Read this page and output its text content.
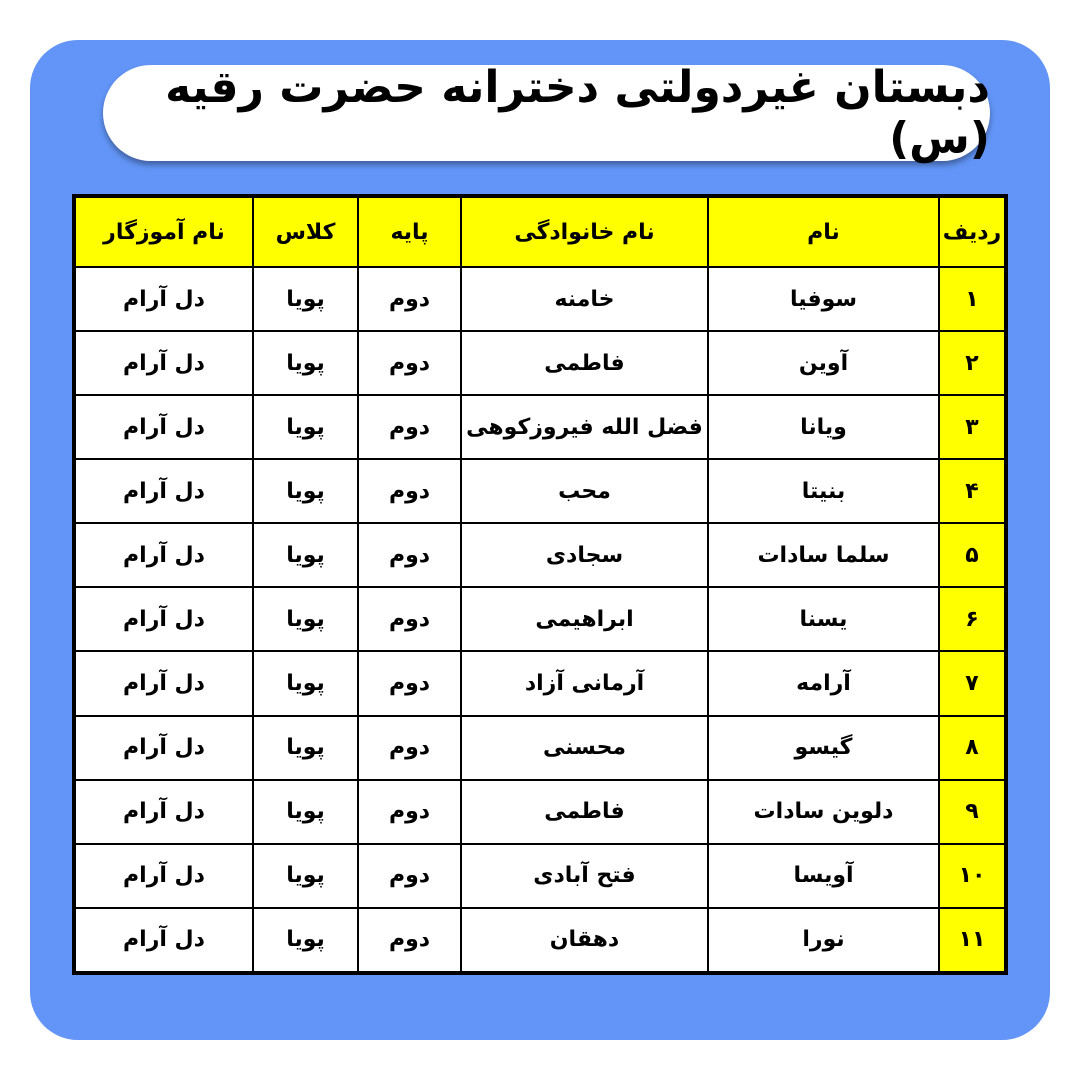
دبستان غیردولتی دخترانه حضرت رقیه (س)
ردیف	نام	نام خانوادگی	پایه	کلاس	نام آموزگار
۱	سوفیا	خامنه	دوم	پویا	دل آرام
۲	آوین	فاطمی	دوم	پویا	دل آرام
۳	ویانا	فضل الله فیروزکوهی	دوم	پویا	دل آرام
۴	بنیتا	محب	دوم	پویا	دل آرام
۵	سلما سادات	سجادی	دوم	پویا	دل آرام
۶	یسنا	ابراهیمی	دوم	پویا	دل آرام
۷	آرامه	آرمانی آزاد	دوم	پویا	دل آرام
۸	گیسو	محسنی	دوم	پویا	دل آرام
۹	دلوین سادات	فاطمی	دوم	پویا	دل آرام
۱۰	آویسا	فتح آبادی	دوم	پویا	دل آرام
۱۱	نورا	دهقان	دوم	پویا	دل آرام
